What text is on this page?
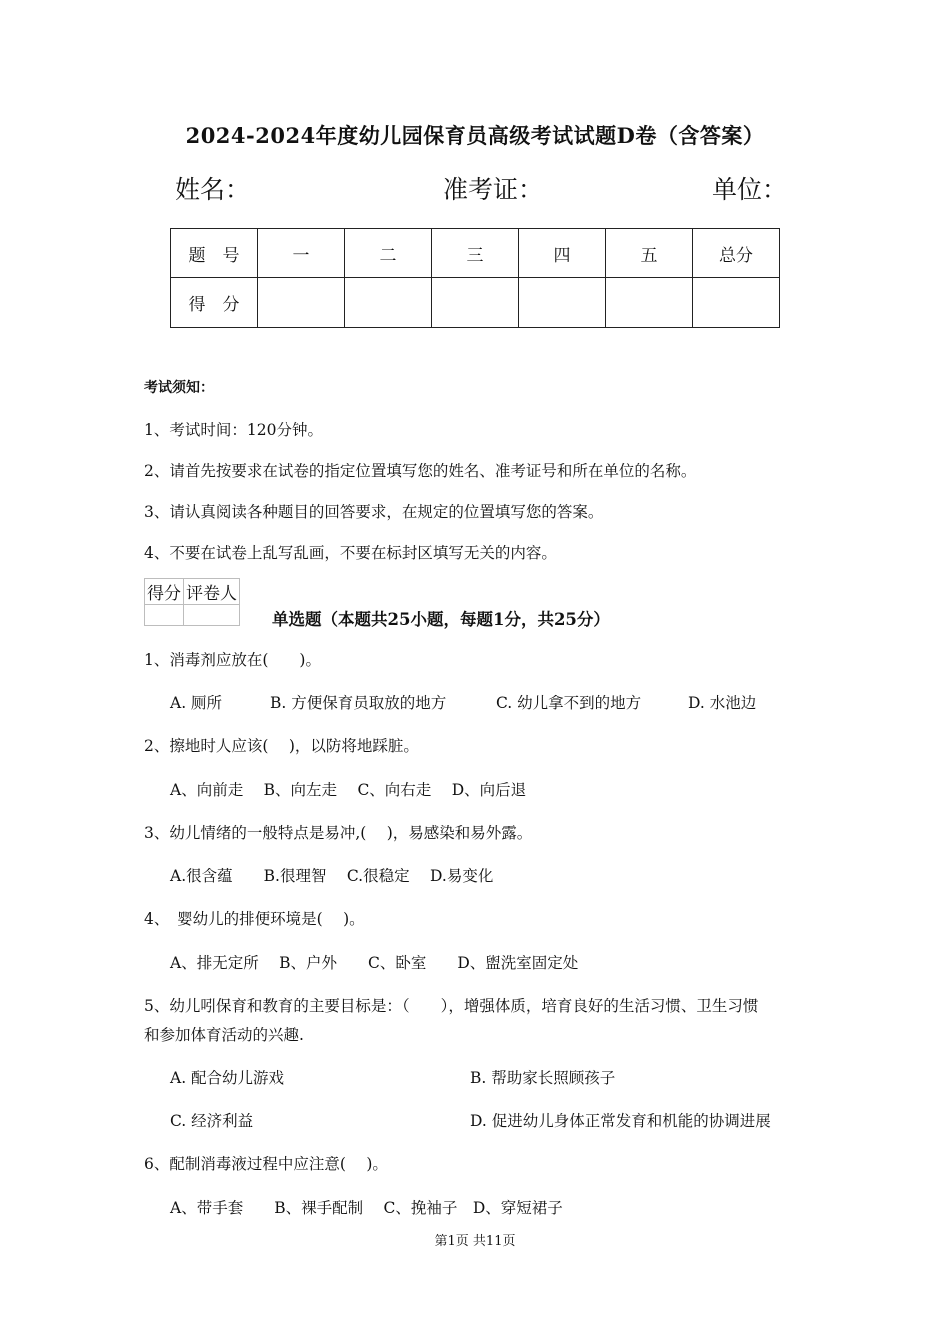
2024-2024年度幼儿园保育员高级考试试题D卷（含答案）
姓名：	准考证：	单位：
题　号	一	二	三	四	五	总分
得　分						
考试须知：
1、考试时间：120分钟。
2、请首先按要求在试卷的指定位置填写您的姓名、准考证号和所在单位的名称。
3、请认真阅读各种题目的回答要求，在规定的位置填写您的答案。
4、不要在试卷上乱写乱画，不要在标封区填写无关的内容。
得分	评卷人

单选题（本题共25小题，每题1分，共25分）
1、消毒剂应放在(　　)。
A. 厕所	B. 方便保育员取放的地方	C. 幼儿拿不到的地方	D. 水池边
2、擦地时人应该(　 )，以防将地踩脏。
A、向前走　 B、向左走　 C、向右走　 D、向后退
3、幼儿情绪的一般特点是易冲,(　 )，易感染和易外露。
A.很含蕴　　B.很理智　 C.很稳定　 D.易变化
4、　婴幼儿的排便环境是(　 )。
A、排无定所　 B、户外　　C、卧室　　D、盥洗室固定处
5、幼儿吲保育和教育的主要目标是：（　　），增强体质，培育良好的生活习惯、卫生习惯
和参加体育活动的兴趣.
A. 配合幼儿游戏	B. 帮助家长照顾孩子
C. 经济利益	D. 促进幼儿身体正常发育和机能的协调进展
6、配制消毒液过程中应注意(　 )。
A、带手套　　B、裸手配制　 C、挽袖子　D、穿短裙子
第1页 共11页
